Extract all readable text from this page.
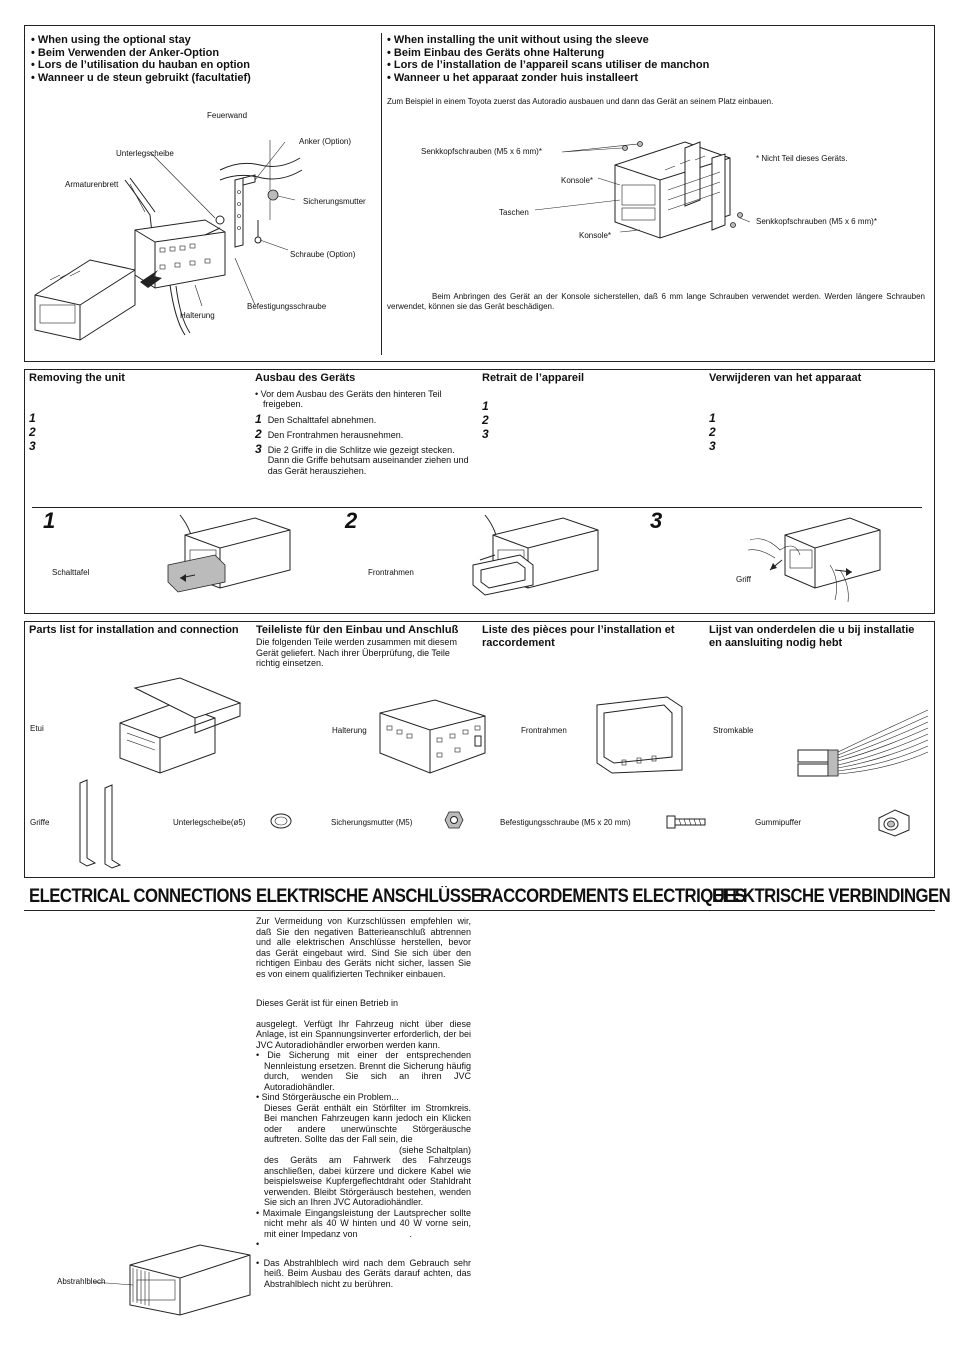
• When using the optional stay
• Beim Verwenden der Anker-Option
• Lors de l’utilisation du hauban en option
• Wanneer u de steun gebruikt (facultatief)
Feuerwand
Anker (Option)
Unterlegscheibe
Sicherungsmutter
Armaturenbrett
Schraube (Option)
Befestigungsschraube
Halterung
• When installing the unit without using the sleeve
• Beim Einbau des Geräts ohne Halterung
• Lors de l’installation de l’appareil scans utiliser de manchon
• Wanneer u het apparaat zonder huis installeert
Zum Beispiel in einem Toyota zuerst das Autoradio ausbauen und dann das Gerät an seinem Platz einbauen.
Senkkopfschrauben (M5 x 6 mm)*
* Nicht Teil dieses Geräts.
Konsole*
Taschen
Senkkopfschrauben (M5 x 6 mm)*
Konsole*
Beim Anbringen des Gerät an der Konsole sicherstellen, daß 6 mm lange Schrauben verwendet werden. Werden längere Schrauben verwendet, können sie das Gerät beschädigen.
Removing the unit
1
2
3
Ausbau des Geräts
• Vor dem Ausbau des Geräts den hinteren Teil freigeben.
1 Den Schalttafel abnehmen.
2 Den Frontrahmen herausnehmen.
3 Die 2 Griffe in die Schlitze wie gezeigt stecken. Dann die Griffe behutsam auseinander ziehen und das Gerät herausziehen.
Retrait de l’appareil
1
2
3
Verwijderen van het apparaat
1
2
3
1	2	3
Schalttafel	Frontrahmen
Griff
Parts list for installation and connection	Teileliste für den Einbau und Anschluß
Die folgenden Teile werden zusammen mit diesem Gerät geliefert. Nach ihrer Überprüfung, die Teile richtig einsetzen.
Liste des pièces pour l’installation et raccordement
Lijst van onderdelen die u bij installatie en aansluiting nodig hebt
Etui	Halterung	Frontrahmen	Stromkable
Griffe	Unterlegscheibe(ø5)	Sicherungsmutter (M5)	Befestigungsschraube (M5 x 20 mm)	Gummipuffer
ELECTRICAL CONNECTIONS ELEKTRISCHE ANSCHLÜSSE
RACCORDEMENTS ELECTRIQUES
ELEKTRISCHE VERBINDINGEN
Zur Vermeidung von Kurzschlüssen empfehlen wir, daß Sie den negativen Batterieanschluß abtrennen und alle elektrischen Anschlüsse herstellen, bevor das Gerät eingebaut wird. Sind Sie sich über den richtigen Einbau des Geräts nicht sicher, lassen Sie es von einem qualifizierten Techniker einbauen.
Dieses Gerät ist für einen Betrieb in
ausgelegt. Verfügt Ihr Fahrzeug nicht über diese Anlage, ist ein Spannungsinverter erforderlich, der bei JVC Autoradiohändler erworben werden kann.
• Die Sicherung mit einer der entsprechenden Nennleistung ersetzen. Brennt die Sicherung häufig durch, wenden Sie sich an ihren JVC Autoradiohändler.
• Sind Störgeräusche ein Problem...
Dieses Gerät enthält ein Störfilter im Stromkreis. Bei manchen Fahrzeugen kann jedoch ein Klicken oder andere unerwünschte Störgeräusche auftreten. Sollte das der Fall sein, die
(siehe Schaltplan)
des Geräts am Fahrwerk des Fahrzeugs anschließen, dabei kürzere und dickere Kabel wie beispielsweise Kupfergeflechtdraht oder Stahldraht verwenden. Bleibt Störgeräusch bestehen, wenden Sie sich an Ihren JVC Autoradiohändler.
• Maximale Eingangsleistung der Lautsprecher sollte nicht mehr als 40 W hinten und 40 W vorne sein, mit einer Impedanz von	.
•
• Das Abstrahlblech wird nach dem Gebrauch sehr heiß. Beim Ausbau des Geräts darauf achten, das Abstrahlblech nicht zu berühren.
Abstrahlblech
